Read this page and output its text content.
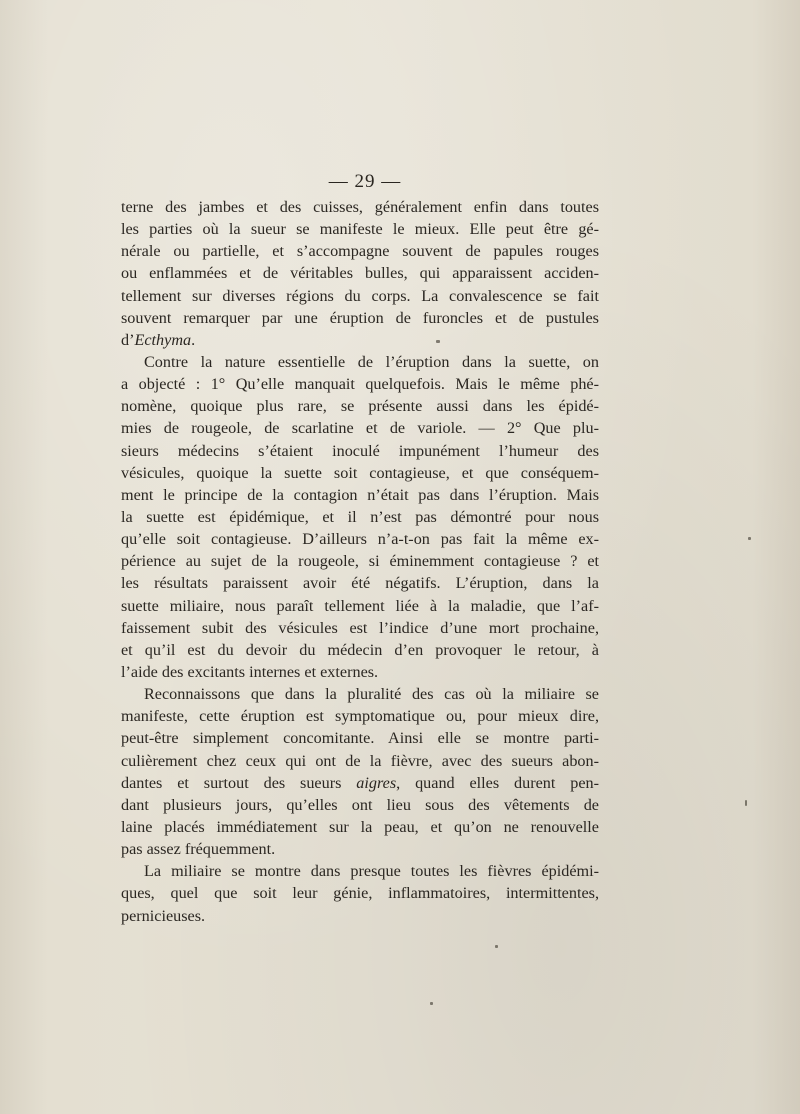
— 29 —
terne des jambes et des cuisses, généralement enfin dans toutes
les parties où la sueur se manifeste le mieux. Elle peut être gé-
nérale ou partielle, et s’accompagne souvent de papules rouges
ou enflammées et de véritables bulles, qui apparaissent acciden-
tellement sur diverses régions du corps. La convalescence se fait
souvent remarquer par une éruption de furoncles et de pustules
d’Ecthyma.
Contre la nature essentielle de l’éruption dans la suette, on
a objecté : 1° Qu’elle manquait quelquefois. Mais le même phé-
nomène, quoique plus rare, se présente aussi dans les épidé-
mies de rougeole, de scarlatine et de variole. — 2° Que plu-
sieurs médecins s’étaient inoculé impunément l’humeur des
vésicules, quoique la suette soit contagieuse, et que conséquem-
ment le principe de la contagion n’était pas dans l’éruption. Mais
la suette est épidémique, et il n’est pas démontré pour nous
qu’elle soit contagieuse. D’ailleurs n’a-t-on pas fait la même ex-
périence au sujet de la rougeole, si éminemment contagieuse ? et
les résultats paraissent avoir été négatifs. L’éruption, dans la
suette miliaire, nous paraît tellement liée à la maladie, que l’af-
faissement subit des vésicules est l’indice d’une mort prochaine,
et qu’il est du devoir du médecin d’en provoquer le retour, à
l’aide des excitants internes et externes.
Reconnaissons que dans la pluralité des cas où la miliaire se
manifeste, cette éruption est symptomatique ou, pour mieux dire,
peut-être simplement concomitante. Ainsi elle se montre parti-
culièrement chez ceux qui ont de la fièvre, avec des sueurs abon-
dantes et surtout des sueurs aigres, quand elles durent pen-
dant plusieurs jours, qu’elles ont lieu sous des vêtements de
laine placés immédiatement sur la peau, et qu’on ne renouvelle
pas assez fréquemment.
La miliaire se montre dans presque toutes les fièvres épidémi-
ques, quel que soit leur génie, inflammatoires, intermittentes,
pernicieuses.
